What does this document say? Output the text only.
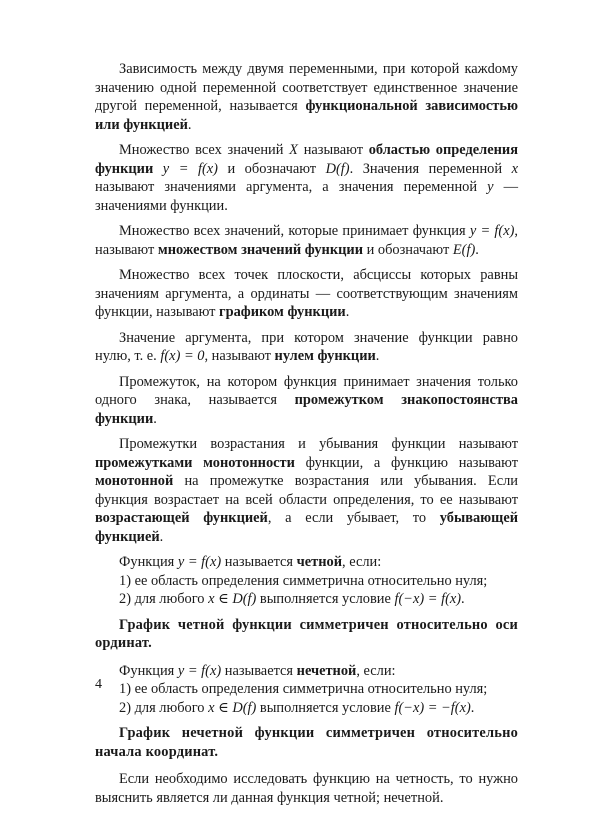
Зависимость между двумя переменными, при которой кажdому значению одной переменной соответствует единственное значение другой переменной, называется функциональной зависимостью или функцией.

Множество всех значений X называют областью определения функции y = f(x) и обозначают D(f). Значения переменной x называют значениями аргумента, а значения переменной y — значениями функции.

Множество всех значений, которые принимает функция y = f(x), называют множеством значений функции и обозначают E(f).

Множество всех точек плоскости, абсциссы которых равны значениям аргумента, а ординаты — соответствующим значениям функции, называют графиком функции.

Значение аргумента, при котором значение функции равно нулю, т. е. f(x) = 0, называют нулем функции.

Промежуток, на котором функция принимает значения только одного знака, называется промежутком знакопостоянства функции.

Промежутки возрастания и убывания функции называют промежутками монотонности функции, а функцию называют монотонной на промежутке возрастания или убывания. Если функция возрастает на всей области определения, то ее называют возрастающей функцией, а если убывает, то убывающей функцией.

Функция y = f(x) называется четной, если:

1) ее область определения симметрична относительно нуля;

2) для любого x ∈ D(f) выполняется условие f(−x) = f(x).

График четной функции симметричен относительно оси ординат.

Функция y = f(x) называется нечетной, если:

1) ее область определения симметрична относительно нуля;

2) для любого x ∈ D(f) выполняется условие f(−x) = −f(x).

График нечетной функции симметричен относительно начала координат.

Если необходимо исследовать функцию на четность, то нужно выяснить является ли данная функция четной; нечетной.

4
